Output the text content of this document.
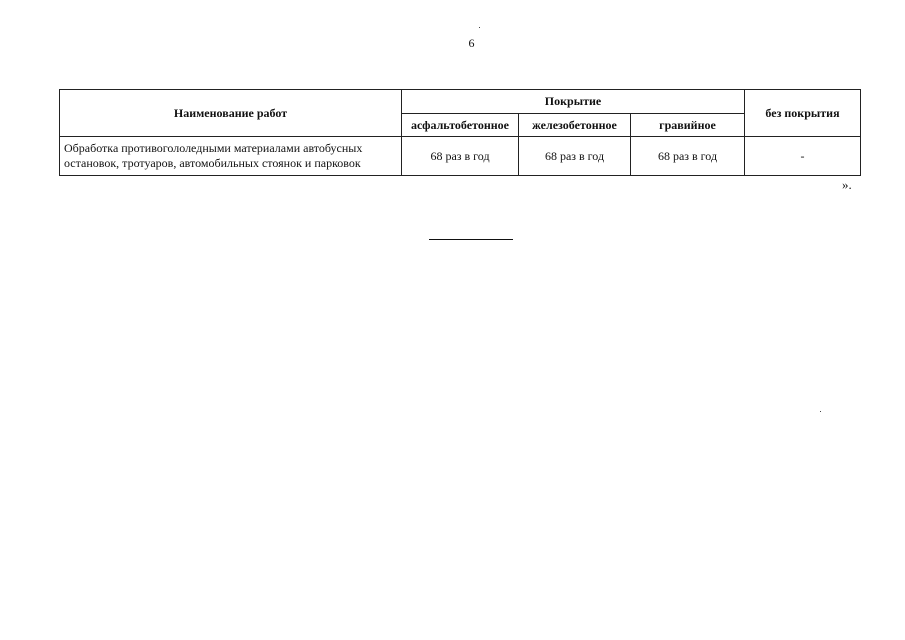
6
Наименование работ	Покрытие			без покрытия
	асфальтобетонное	железобетонное	гравийное	
Обработка противогололедными материалами автобусных остановок, тротуаров, автомобильных стоянок и парковок	68 раз в год	68 раз в год	68 раз в год	-
».
